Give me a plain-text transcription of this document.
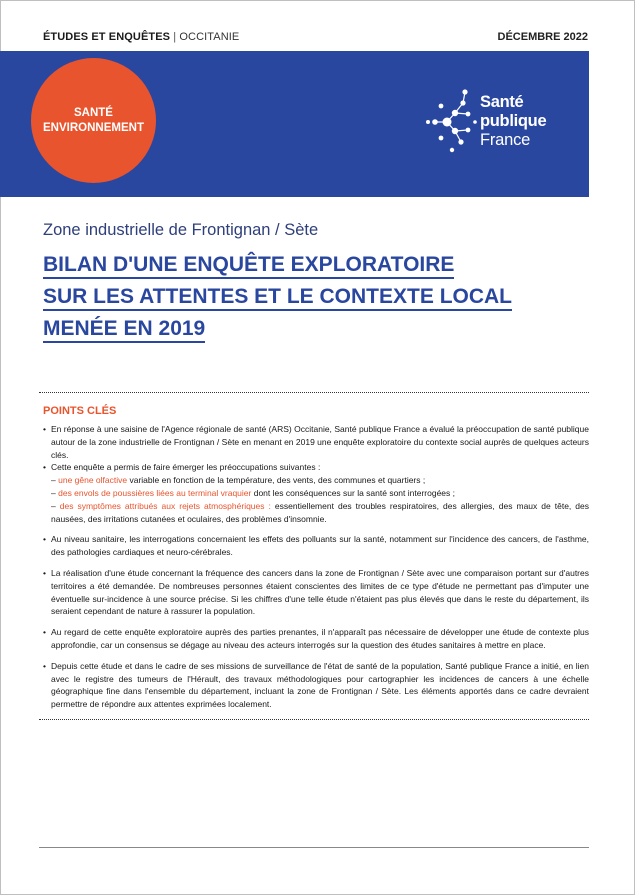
ÉTUDES ET ENQUÊTES | OCCITANIE	DÉCEMBRE 2022
SANTÉ
ENVIRONNEMENT
Santé
publique
France
Zone industrielle de Frontignan / Sète
BILAN D'UNE ENQUÊTE EXPLORATOIRE
SUR LES ATTENTES ET LE CONTEXTE LOCAL
MENÉE EN 2019
POINTS CLÉS
• En réponse à une saisine de l'Agence régionale de santé (ARS) Occitanie, Santé publique France a évalué la préoccupation de santé publique autour de la zone industrielle de Frontignan / Sète en menant en 2019 une enquête exploratoire du contexte social auprès de quelques acteurs clés.
• Cette enquête a permis de faire émerger les préoccupations suivantes :
– une gêne olfactive variable en fonction de la température, des vents, des communes et quartiers ;
– des envols de poussières liées au terminal vraquier dont les conséquences sur la santé sont interrogées ;
– des symptômes attribués aux rejets atmosphériques : essentiellement des troubles respiratoires, des allergies, des maux de tête, des nausées, des irritations cutanées et oculaires, des problèmes d'insomnie.
• Au niveau sanitaire, les interrogations concernaient les effets des polluants sur la santé, notamment sur l'incidence des cancers, de l'asthme, des pathologies cardiaques et neuro-cérébrales.
• La réalisation d'une étude concernant la fréquence des cancers dans la zone de Frontignan / Sète avec une comparaison portant sur d'autres territoires a été demandée. De nombreuses personnes étaient conscientes des limites de ce type d'étude ne permettant pas d'imputer une éventuelle sur-incidence à une source précise. Si les chiffres d'une telle étude n'étaient pas plus élevés que dans le reste du département, ils seraient cependant de nature à rassurer la population.
• Au regard de cette enquête exploratoire auprès des parties prenantes, il n'apparaît pas nécessaire de développer une étude de contexte plus approfondie, car un consensus se dégage au niveau des acteurs interrogés sur la question des études sanitaires à mettre en place.
• Depuis cette étude et dans le cadre de ses missions de surveillance de l'état de santé de la population, Santé publique France a initié, en lien avec le registre des tumeurs de l'Hérault, des travaux méthodologiques pour cartographier les incidences de cancers à une échelle géographique fine dans l'ensemble du département, incluant la zone de Frontignan / Sète. Les éléments apportés dans ce cadre devraient permettre de répondre aux attentes exprimées localement.
